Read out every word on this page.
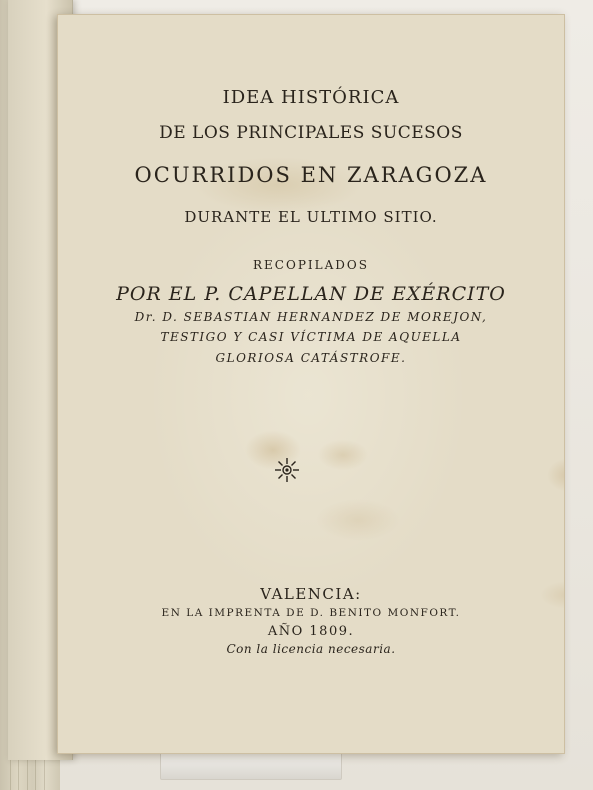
IDEA HISTÓRICA
DE LOS PRINCIPALES SUCESOS
OCURRIDOS EN ZARAGOZA
DURANTE EL ULTIMO SITIO.
RECOPILADOS
POR EL P. CAPELLAN DE EXÉRCITO
Dr. D. SEBASTIAN HERNANDEZ DE MOREJON,
TESTIGO Y CASI VÍCTIMA DE AQUELLA
GLORIOSA CATÁSTROFE.
VALENCIA:
EN LA IMPRENTA DE D. BENITO MONFORT.
AÑO 1809.
Con la licencia necesaria.
